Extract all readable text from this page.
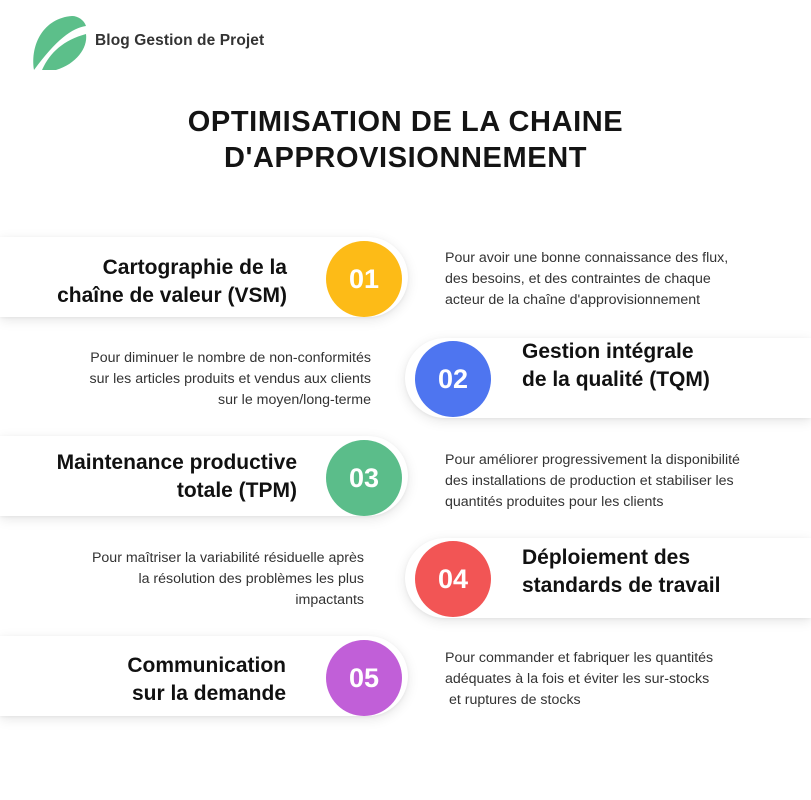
Blog Gestion de Projet
OPTIMISATION DE LA CHAINE
D'APPROVISIONNEMENT
Cartographie de la
chaîne de valeur (VSM)
01
Pour avoir une bonne connaissance des flux,
des besoins, et des contraintes de chaque
acteur de la chaîne d'approvisionnement
Gestion intégrale
de la qualité (TQM)
02
Pour diminuer le nombre de non-conformités
sur les articles produits et vendus aux clients
sur le moyen/long-terme
Maintenance productive
totale (TPM) 03
Pour améliorer progressivement la disponibilité
des installations de production et stabiliser les
quantités produites pour les clients
Déploiement des
standards de travail
04
Pour maîtriser la variabilité résiduelle après
la résolution des problèmes les plus
impactants
Communication
sur la demande
05
Pour commander et fabriquer les quantités
adéquates à la fois et éviter les sur-stocks
et ruptures de stocks
